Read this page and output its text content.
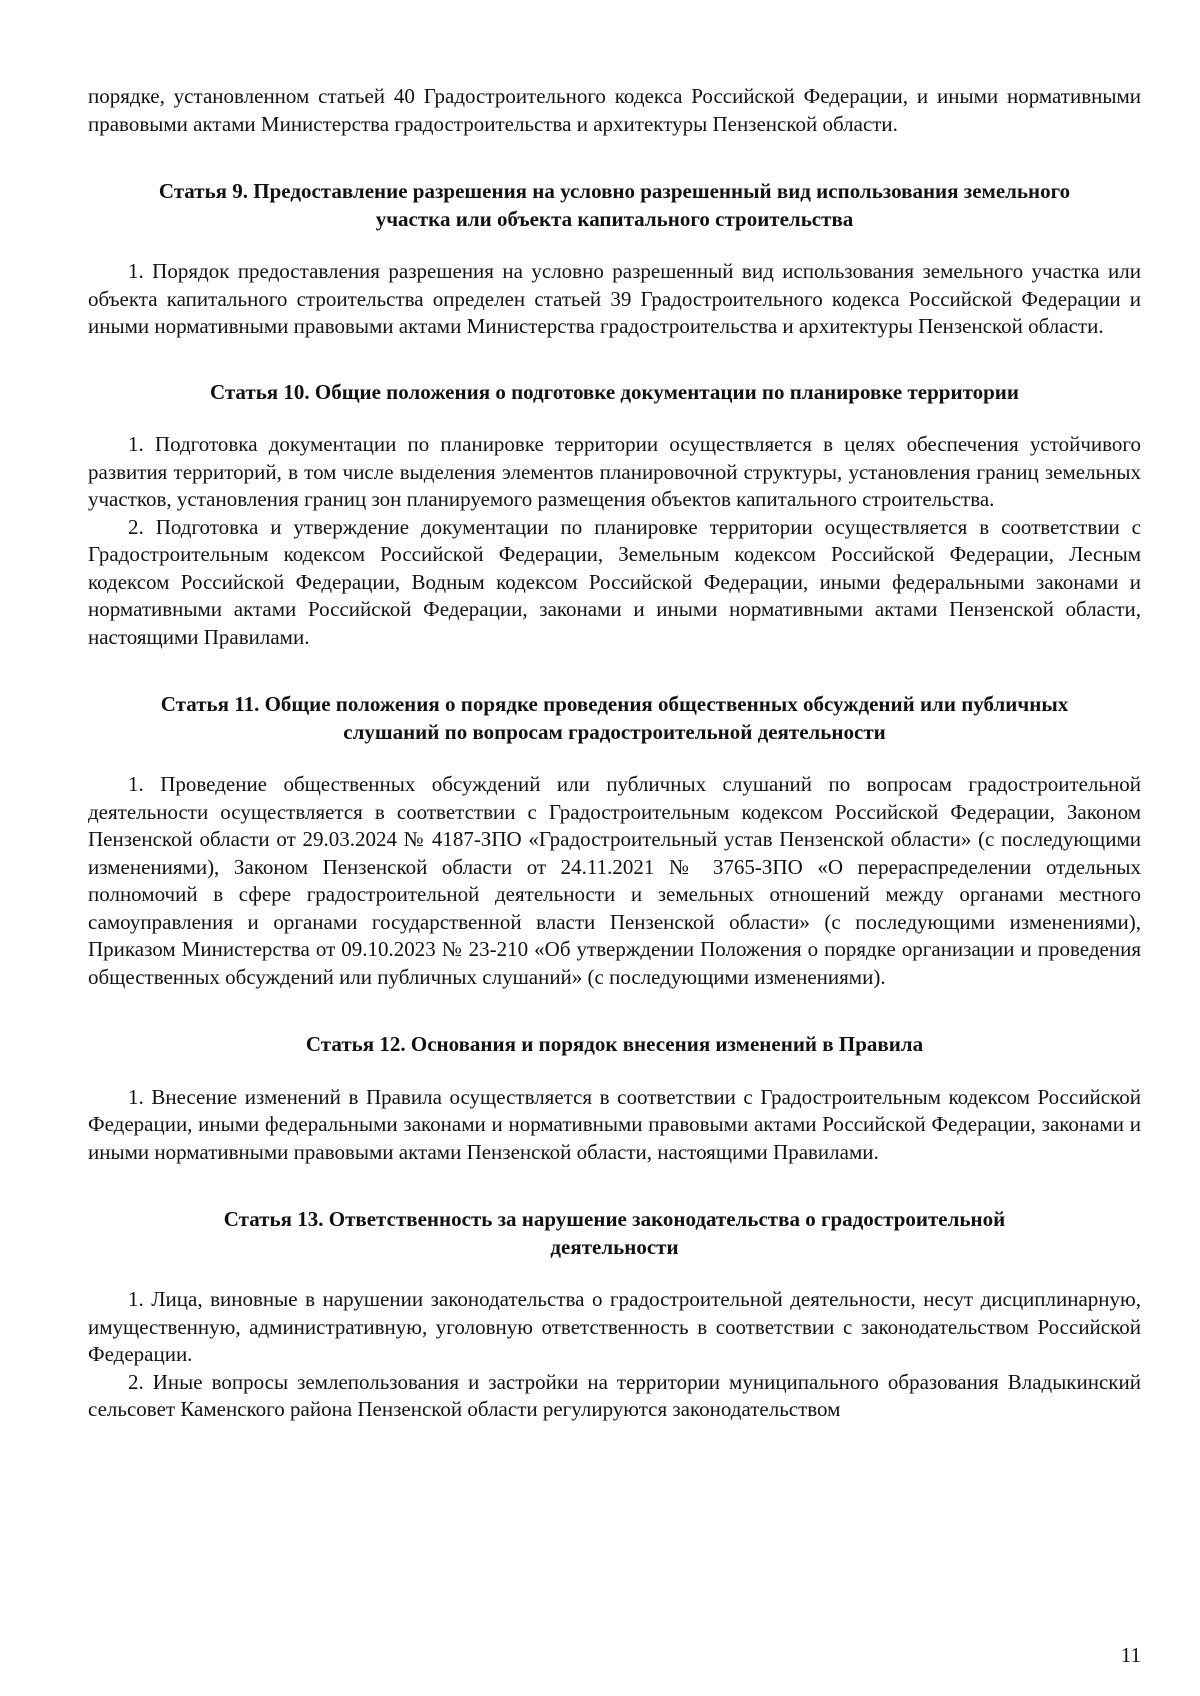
порядке, установленном статьей 40 Градостроительного кодекса Российской Федерации, и иными нормативными правовыми актами Министерства градостроительства и архитектуры Пензенской области.

Статья 9. Предоставление разрешения на условно разрешенный вид использования земельного участка или объекта капитального строительства

1. Порядок предоставления разрешения на условно разрешенный вид использования земельного участка или объекта капитального строительства определен статьей 39 Градостроительного кодекса Российской Федерации и иными нормативными правовыми актами Министерства градостроительства и архитектуры Пензенской области.

Статья 10. Общие положения о подготовке документации по планировке территории

1. Подготовка документации по планировке территории осуществляется в целях обеспечения устойчивого развития территорий, в том числе выделения элементов планировочной структуры, установления границ земельных участков, установления границ зон планируемого размещения объектов капитального строительства.

2. Подготовка и утверждение документации по планировке территории осуществляется в соответствии с Градостроительным кодексом Российской Федерации, Земельным кодексом Российской Федерации, Лесным кодексом Российской Федерации, Водным кодексом Российской Федерации, иными федеральными законами и нормативными актами Российской Федерации, законами и иными нормативными актами Пензенской области, настоящими Правилами.

Статья 11. Общие положения о порядке проведения общественных обсуждений или публичных слушаний по вопросам градостроительной деятельности

1. Проведение общественных обсуждений или публичных слушаний по вопросам градостроительной деятельности осуществляется в соответствии с Градостроительным кодексом Российской Федерации, Законом Пензенской области от 29.03.2024 № 4187-ЗПО «Градостроительный устав Пензенской области» (с последующими изменениями), Законом Пензенской области от 24.11.2021 № 3765-ЗПО «О перераспределении отдельных полномочий в сфере градостроительной деятельности и земельных отношений между органами местного самоуправления и органами государственной власти Пензенской области» (с последующими изменениями), Приказом Министерства от 09.10.2023 № 23-210 «Об утверждении Положения о порядке организации и проведения общественных обсуждений или публичных слушаний» (с последующими изменениями).

Статья 12. Основания и порядок внесения изменений в Правила

1. Внесение изменений в Правила осуществляется в соответствии с Градостроительным кодексом Российской Федерации, иными федеральными законами и нормативными правовыми актами Российской Федерации, законами и иными нормативными правовыми актами Пензенской области, настоящими Правилами.

Статья 13. Ответственность за нарушение законодательства о градостроительной деятельности

1. Лица, виновные в нарушении законодательства о градостроительной деятельности, несут дисциплинарную, имущественную, административную, уголовную ответственность в соответствии с законодательством Российской Федерации.

2. Иные вопросы землепользования и застройки на территории муниципального образования Владыкинский сельсовет Каменского района Пензенской области регулируются законодательством

11
